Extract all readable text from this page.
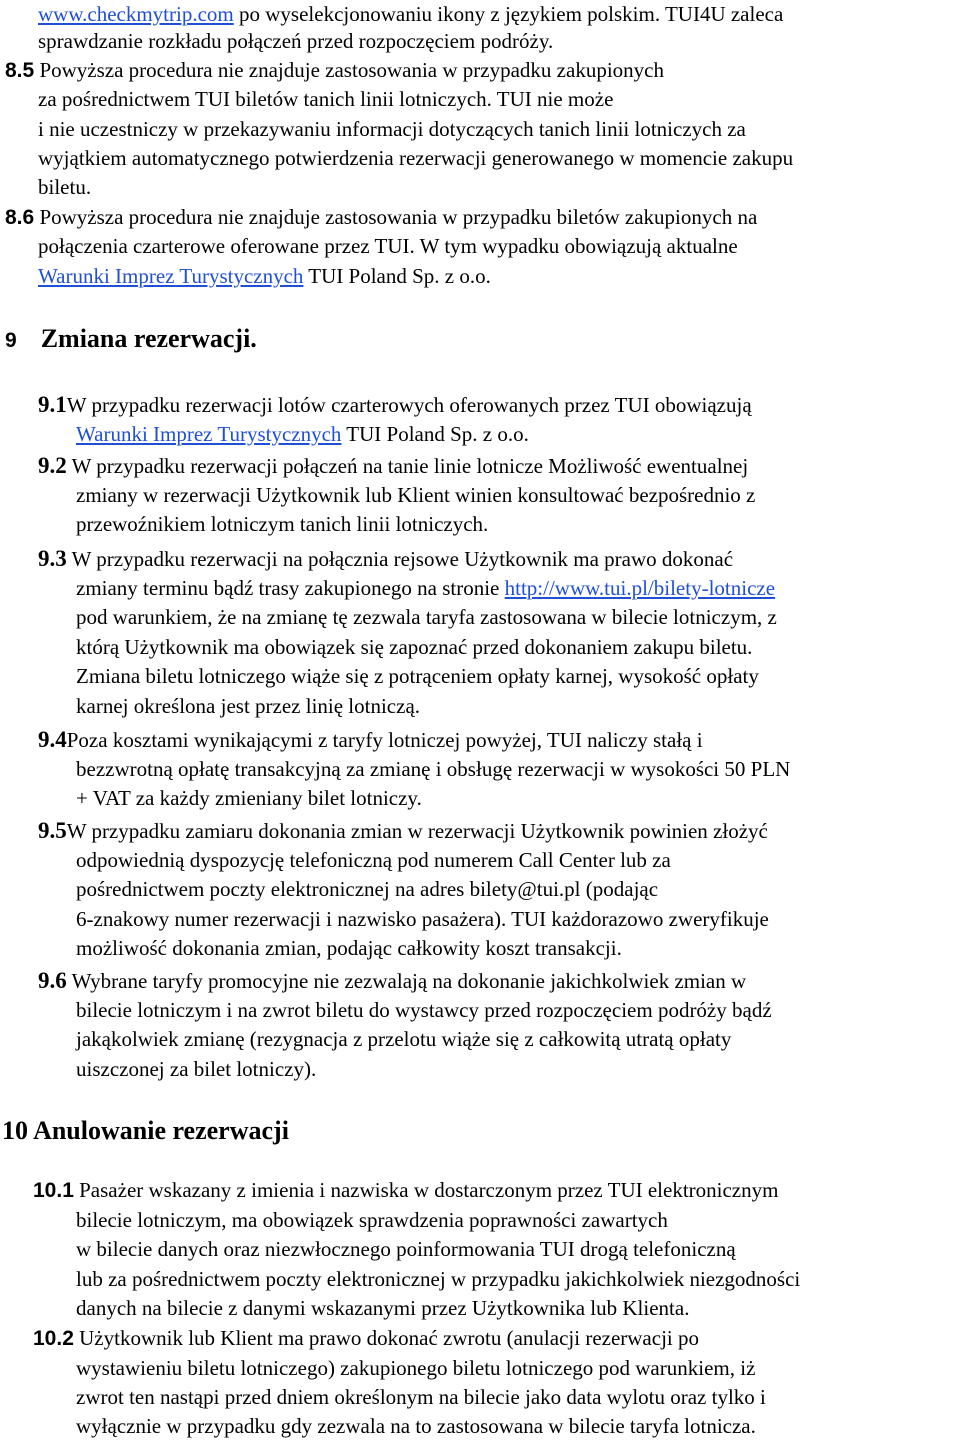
www.checkmytrip.com po wyselekcjonowaniu ikony z językiem polskim. TUI4U zaleca
sprawdzanie rozkładu połączeń przed rozpoczęciem podróży.
8.5 Powyższa procedura nie znajduje zastosowania w przypadku zakupionych
za pośrednictwem TUI biletów tanich linii lotniczych. TUI nie może
i nie uczestniczy w przekazywaniu informacji dotyczących tanich linii lotniczych za
wyjątkiem automatycznego potwierdzenia rezerwacji generowanego w momencie zakupu
biletu.
8.6 Powyższa procedura nie znajduje zastosowania w przypadku biletów zakupionych na
połączenia czarterowe oferowane przez TUI. W tym wypadku obowiązują aktualne
Warunki Imprez Turystycznych TUI Poland Sp. z o.o.
9 Zmiana rezerwacji.
9.1W przypadku rezerwacji lotów czarterowych oferowanych przez TUI obowiązują
Warunki Imprez Turystycznych TUI Poland Sp. z o.o.
9.2 W przypadku rezerwacji połączeń na tanie linie lotnicze Możliwość ewentualnej
zmiany w rezerwacji Użytkownik lub Klient winien konsultować bezpośrednio z
przewoźnikiem lotniczym tanich linii lotniczych.
9.3 W przypadku rezerwacji na połącznia rejsowe Użytkownik ma prawo dokonać
zmiany terminu bądź trasy zakupionego na stronie http://www.tui.pl/bilety-lotnicze
pod warunkiem, że na zmianę tę zezwala taryfa zastosowana w bilecie lotniczym, z
którą Użytkownik ma obowiązek się zapoznać przed dokonaniem zakupu biletu.
Zmiana biletu lotniczego wiąże się z potrąceniem opłaty karnej, wysokość opłaty
karnej określona jest przez linię lotniczą.
9.4Poza kosztami wynikającymi z taryfy lotniczej powyżej, TUI naliczy stałą i
bezzwrotną opłatę transakcyjną za zmianę i obsługę rezerwacji w wysokości 50 PLN
+ VAT za każdy zmieniany bilet lotniczy.
9.5W przypadku zamiaru dokonania zmian w rezerwacji Użytkownik powinien złożyć
odpowiednią dyspozycję telefoniczną pod numerem Call Center lub za
pośrednictwem poczty elektronicznej na adres bilety@tui.pl (podając
6-znakowy numer rezerwacji i nazwisko pasażera). TUI każdorazowo zweryfikuje
możliwość dokonania zmian, podając całkowity koszt transakcji.
9.6 Wybrane taryfy promocyjne nie zezwalają na dokonanie jakichkolwiek zmian w
bilecie lotniczym i na zwrot biletu do wystawcy przed rozpoczęciem podróży bądź
jakąkolwiek zmianę (rezygnacja z przelotu wiąże się z całkowitą utratą opłaty
uiszczonej za bilet lotniczy).
10 Anulowanie rezerwacji
10.1 Pasażer wskazany z imienia i nazwiska w dostarczonym przez TUI elektronicznym
bilecie lotniczym, ma obowiązek sprawdzenia poprawności zawartych
w bilecie danych oraz niezwłocznego poinformowania TUI drogą telefoniczną
lub za pośrednictwem poczty elektronicznej w przypadku jakichkolwiek niezgodności
danych na bilecie z danymi wskazanymi przez Użytkownika lub Klienta.
10.2 Użytkownik lub Klient ma prawo dokonać zwrotu (anulacji rezerwacji po
wystawieniu biletu lotniczego) zakupionego biletu lotniczego pod warunkiem, iż
zwrot ten nastąpi przed dniem określonym na bilecie jako data wylotu oraz tylko i
wyłącznie w przypadku gdy zezwala na to zastosowana w bilecie taryfa lotnicza.
